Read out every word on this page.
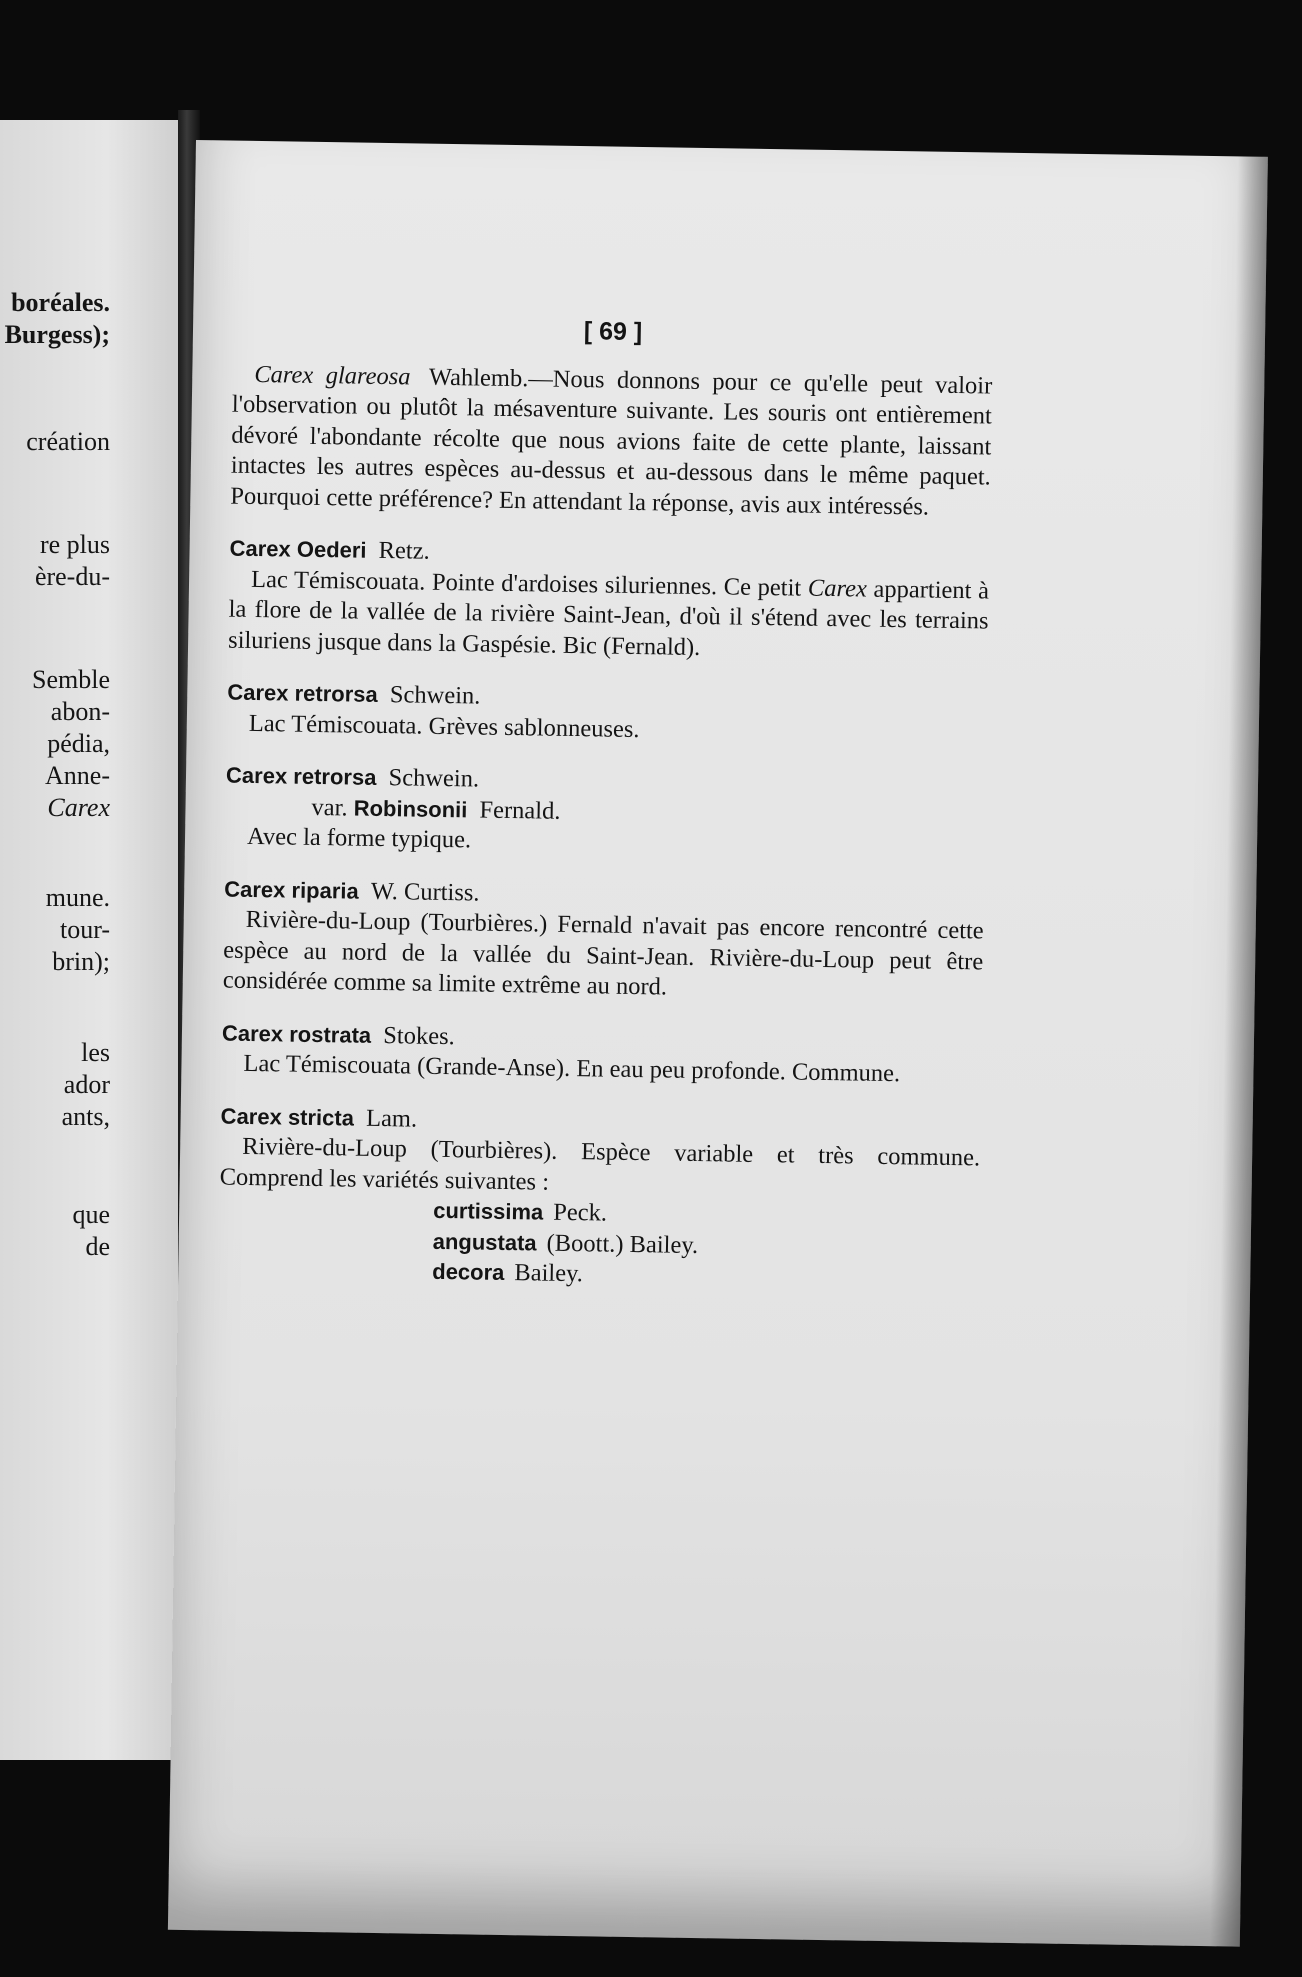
boréales.
Burgess);
création
re plus
ère-du-
Semble
abon-
pédia,
Anne-
Carex
mune.
tour-
brin);
les
ador
ants,
que
de
[ 69 ]

Carex glareosa Wahlemb.—Nous donnons pour ce qu'elle peut valoir l'observation ou plutôt la mésaventure suivante. Les souris ont entièrement dévoré l'abondante récolte que nous avions faite de cette plante, laissant intactes les autres espèces au-dessus et au-dessous dans le même paquet. Pourquoi cette préférence? En attendant la réponse, avis aux intéressés.

Carex Oederi Retz.

Lac Témiscouata. Pointe d'ardoises siluriennes. Ce petit Carex appartient à la flore de la vallée de la rivière Saint-Jean, d'où il s'étend avec les terrains siluriens jusque dans la Gaspésie. Bic (Fernald).

Carex retrorsa Schwein.

Lac Témiscouata. Grèves sablonneuses.

Carex retrorsa Schwein.

var. Robinsonii Fernald.

Avec la forme typique.

Carex riparia W. Curtiss.

Rivière-du-Loup (Tourbières.) Fernald n'avait pas encore rencontré cette espèce au nord de la vallée du Saint-Jean. Rivière-du-Loup peut être considérée comme sa limite extrême au nord.

Carex rostrata Stokes.

Lac Témiscouata (Grande-Anse). En eau peu profonde. Commune.

Carex stricta Lam.

Rivière-du-Loup (Tourbières). Espèce variable et très commune. Comprend les variétés suivantes :

curtissima Peck.

angustata (Boott.) Bailey.

decora Bailey.
